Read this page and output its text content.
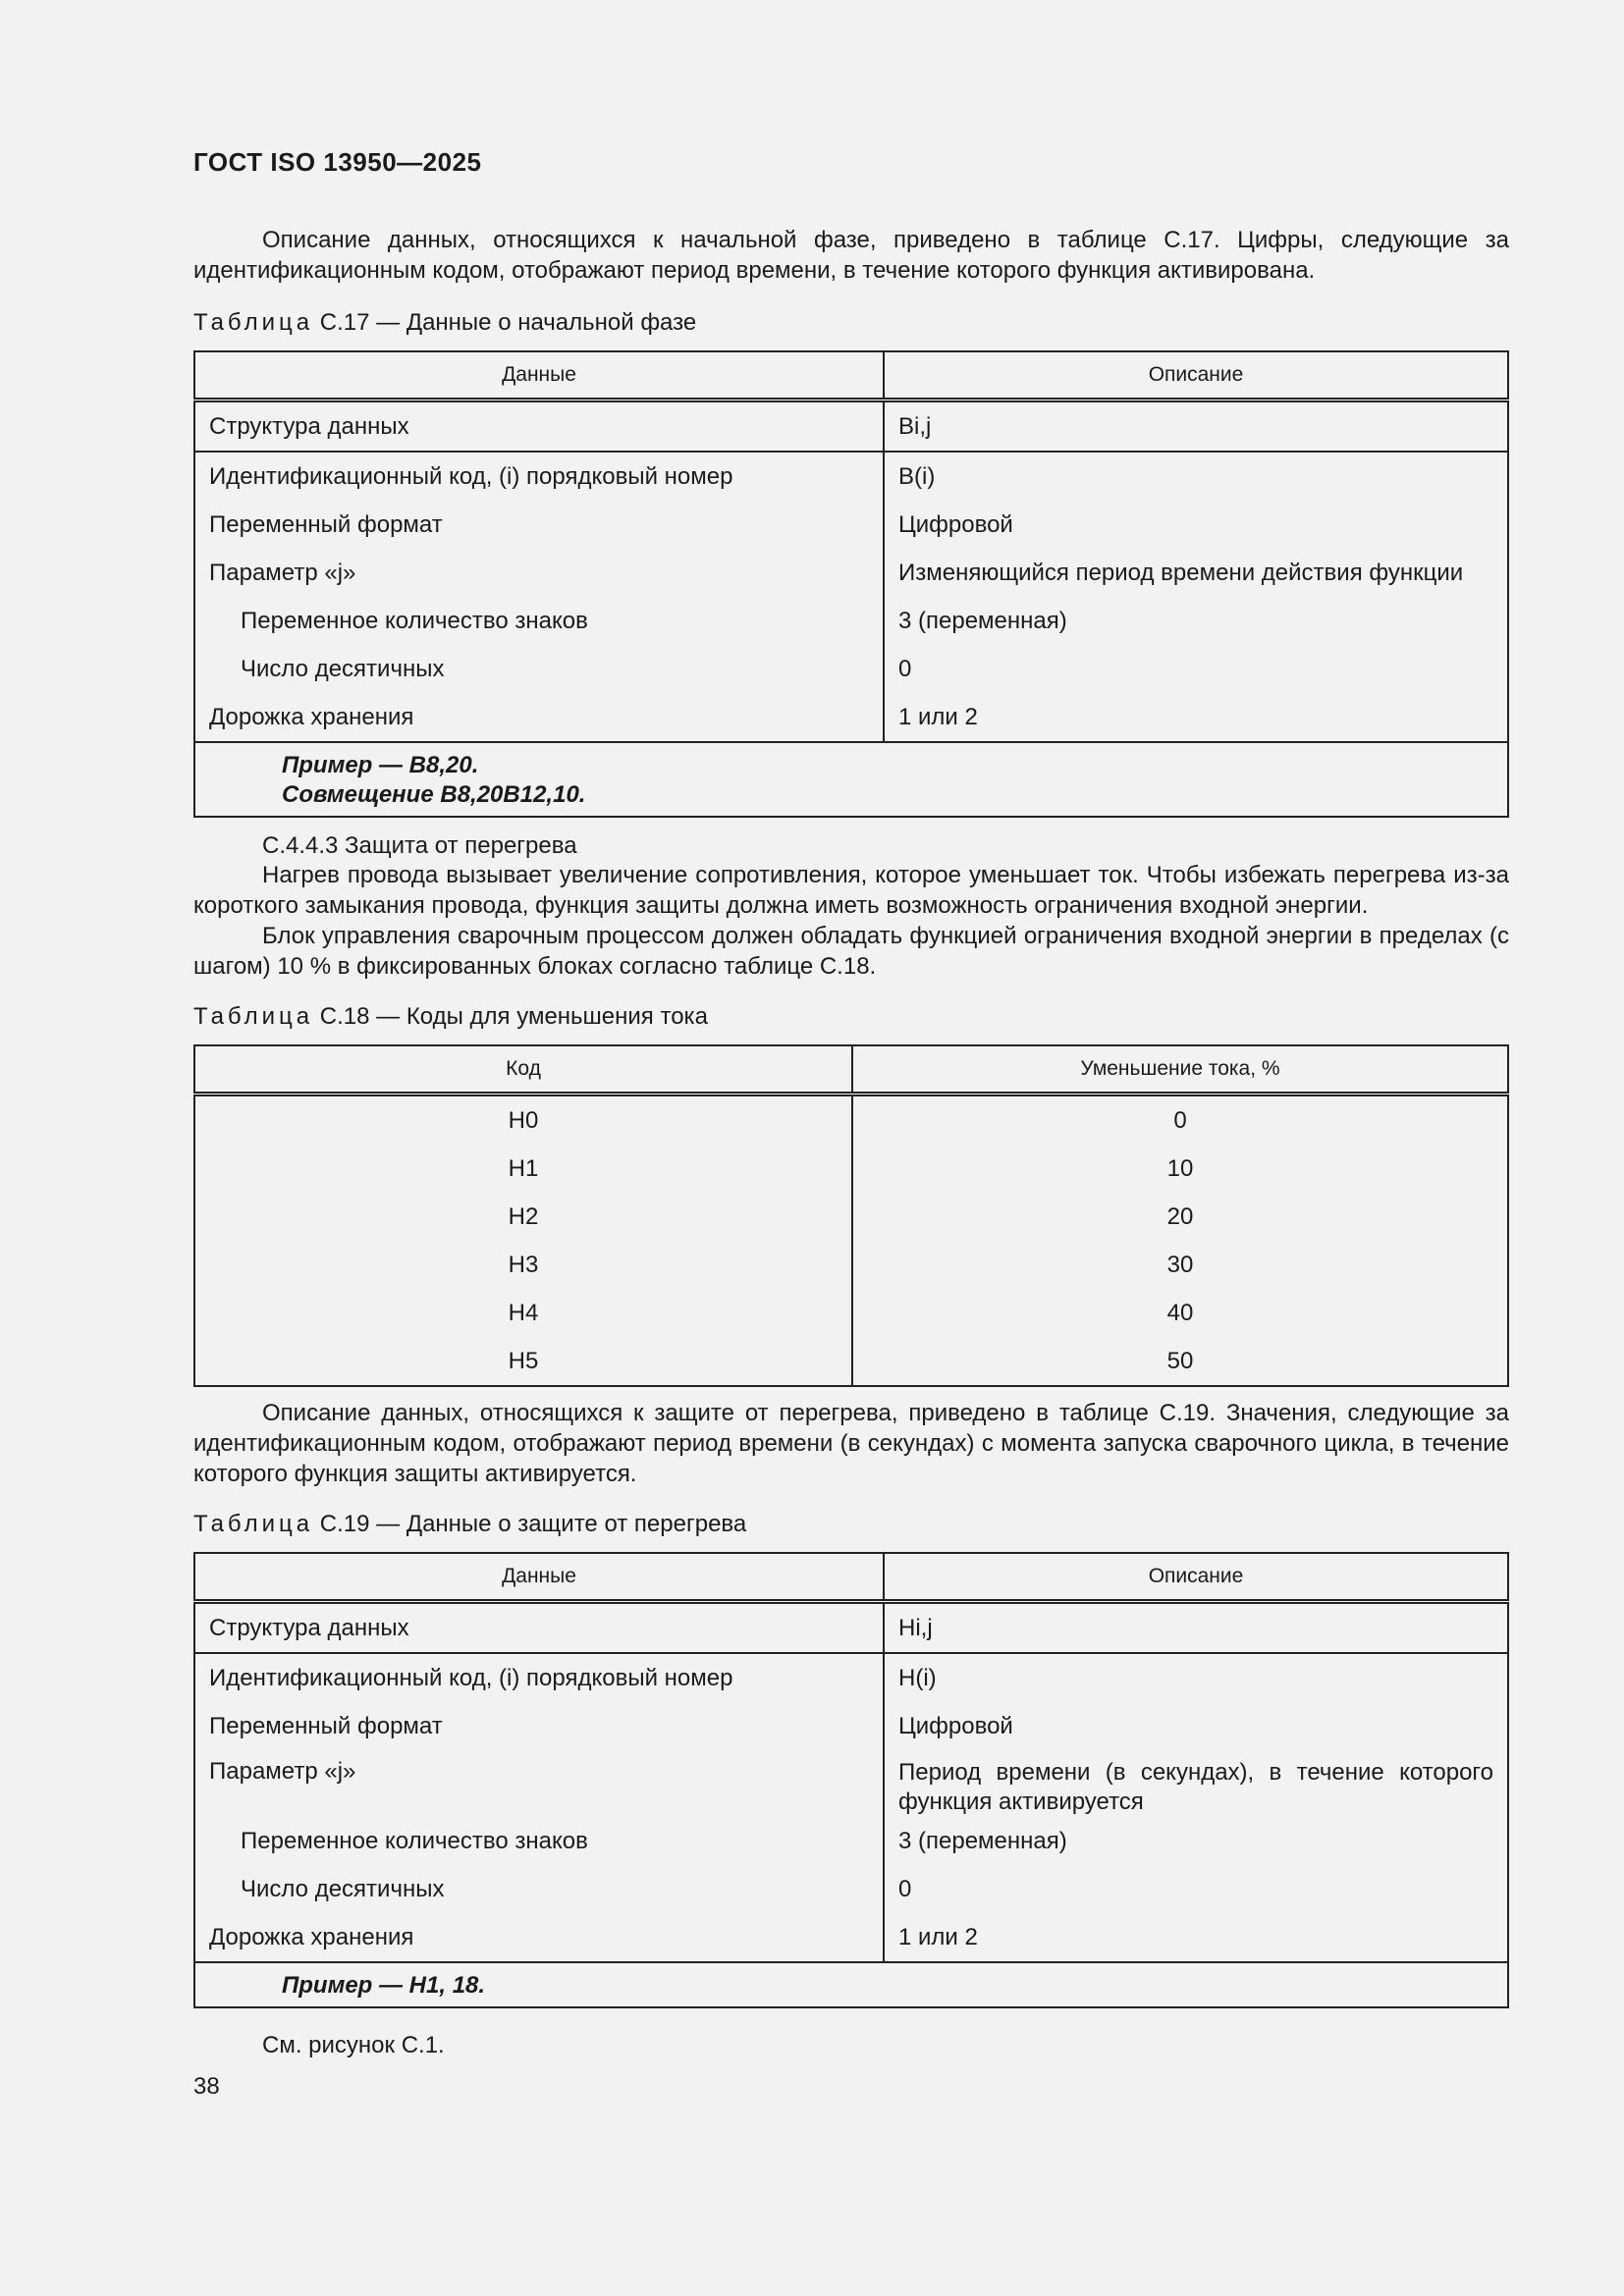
ГОСТ ISO 13950—2025
Описание данных, относящихся к начальной фазе, приведено в таблице С.17. Цифры, следующие за идентификационным кодом, отображают период времени, в течение которого функция активирована.
Таблица С.17 — Данные о начальной фазе
Данные	Описание
Структура данных	Bi,j
Идентификационный код, (i) порядковый номер	B(i)
Переменный формат	Цифровой
Параметр «j»	Изменяющийся период времени действия функции
Переменное количество знаков	3 (переменная)
Число десятичных	0
Дорожка хранения	1 или 2

Пример — B8,20.
Совмещение B8,20B12,10.	
С.4.4.3 Защита от перегрева
Нагрев провода вызывает увеличение сопротивления, которое уменьшает ток. Чтобы избежать перегрева из-за короткого замыкания провода, функция защиты должна иметь возможность ограничения входной энергии.
Блок управления сварочным процессом должен обладать функцией ограничения входной энергии в пределах (с шагом) 10 % в фиксированных блоках согласно таблице С.18.
Таблица С.18 — Коды для уменьшения тока
Код	Уменьшение тока, %
H0	0
H1	10
H2	20
H3	30
H4	40
H5	50
Описание данных, относящихся к защите от перегрева, приведено в таблице С.19. Значения, следующие за идентификационным кодом, отображают период времени (в секундах) с момента запуска сварочного цикла, в течение которого функция защиты активируется.
Таблица С.19 — Данные о защите от перегрева
Данные	Описание
Структура данных	Hi,j
Идентификационный код, (i) порядковый номер	H(i)
Переменный формат	Цифровой
Параметр «j»	Период времени (в секундах), в течение которого функция активируется
Переменное количество знаков	3 (переменная)
Число десятичных	0
Дорожка хранения	1 или 2

Пример — H1, 18.	
См. рисунок С.1.
38
